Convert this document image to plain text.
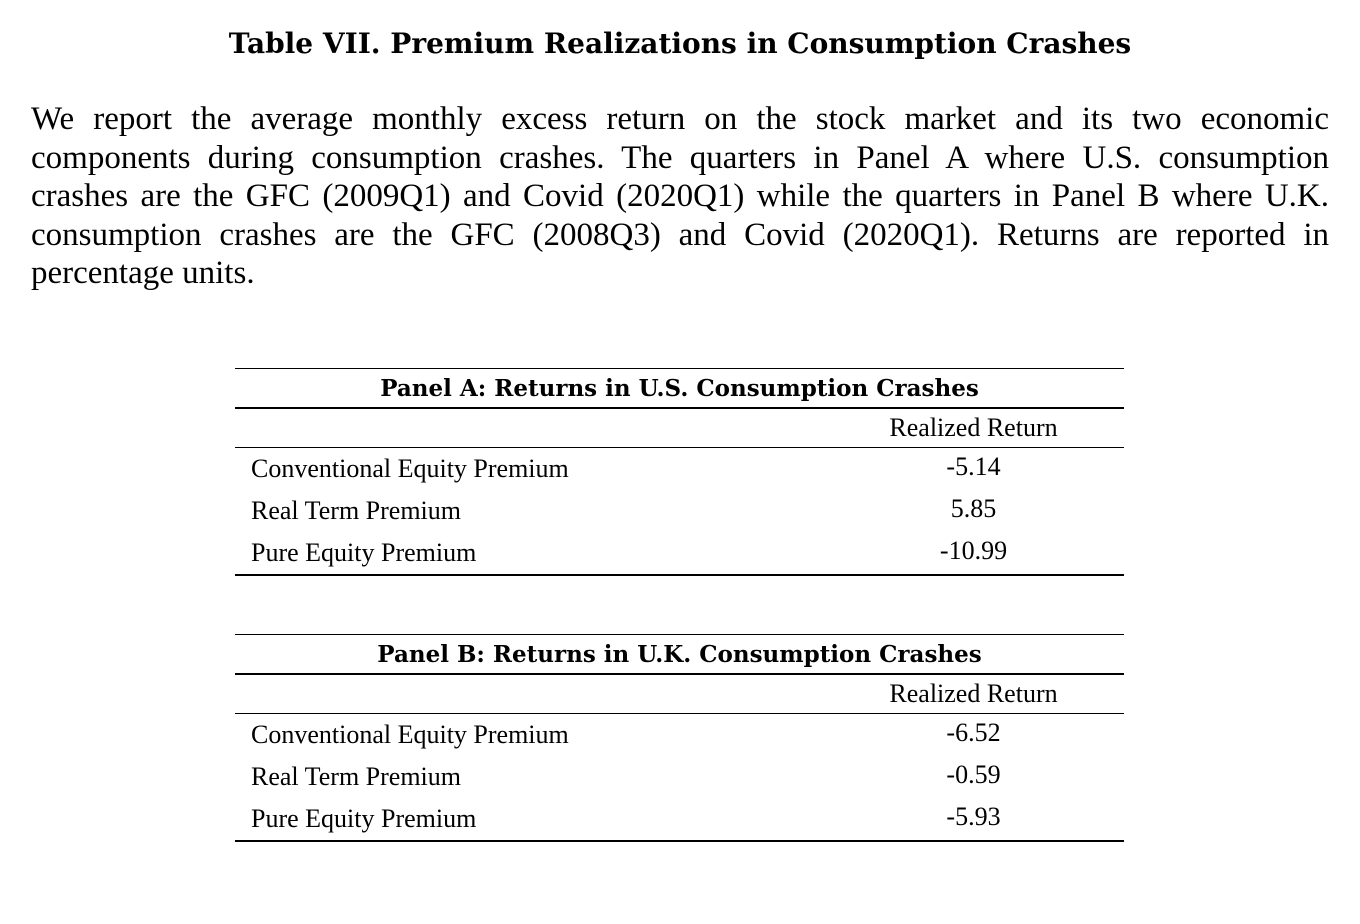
Table VII. Premium Realizations in Consumption Crashes

We report the average monthly excess return on the stock market and its two economic components during consumption crashes. The quarters in Panel A where U.S. consumption crashes are the GFC (2009Q1) and Covid (2020Q1) while the quarters in Panel B where U.K. consumption crashes are the GFC (2008Q3) and Covid (2020Q1). Returns are reported in percentage units.

Panel A: Returns in U.S. Consumption Crashes	
	Realized Return
Conventional Equity Premium	-5.14
Real Term Premium	5.85
Pure Equity Premium	-10.99
Panel B: Returns in U.K. Consumption Crashes	
	Realized Return
Conventional Equity Premium	-6.52
Real Term Premium	-0.59
Pure Equity Premium	-5.93
